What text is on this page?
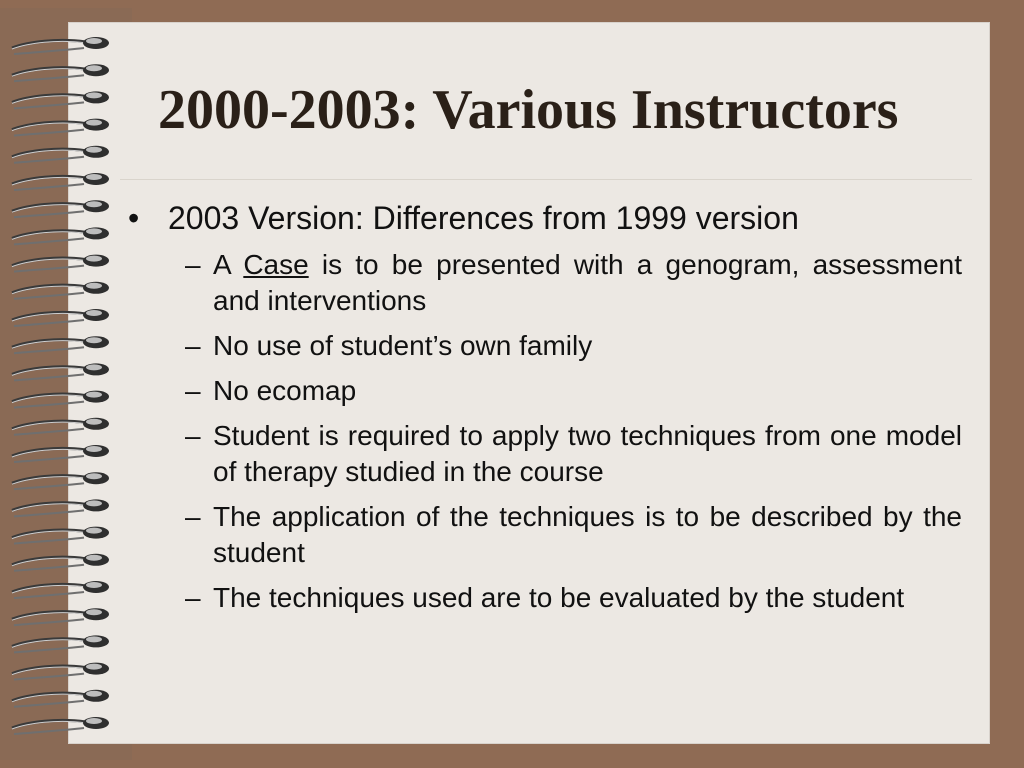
2000-2003: Various Instructors
• 2003 Version: Differences from 1999 version
– A Case is to be presented with a genogram, assessment and interventions
– No use of student’s own family
– No ecomap
– Student is required to apply two techniques from one model of therapy studied in the course
– The application of the techniques is to be described by the student
– The techniques used are to be evaluated by the student
